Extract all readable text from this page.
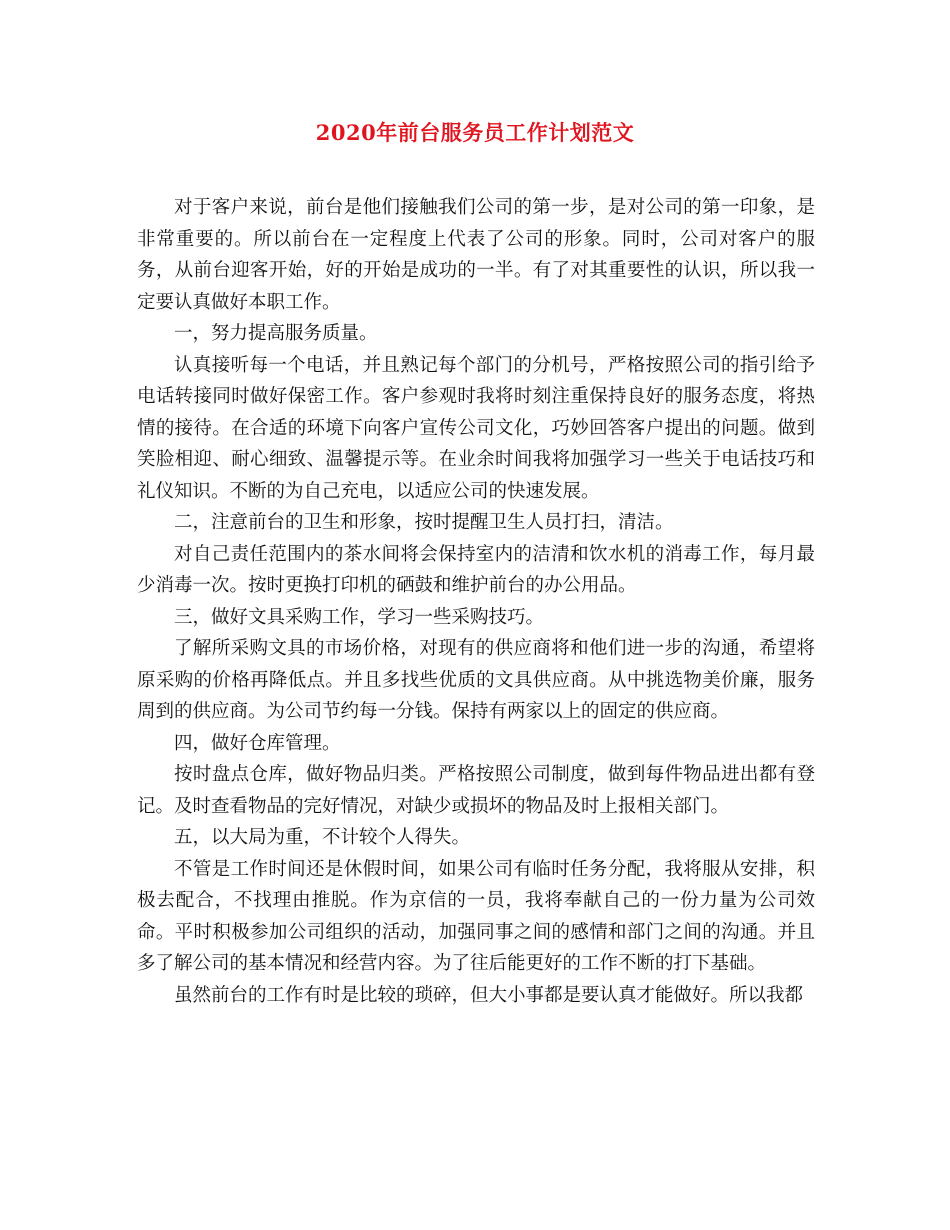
2020年前台服务员工作计划范文

对于客户来说，前台是他们接触我们公司的第一步，是对公司的第一印象，是非常重要的。所以前台在一定程度上代表了公司的形象。同时，公司对客户的服务，从前台迎客开始，好的开始是成功的一半。有了对其重要性的认识，所以我一定要认真做好本职工作。

一，努力提高服务质量。

认真接听每一个电话，并且熟记每个部门的分机号，严格按照公司的指引给予电话转接同时做好保密工作。客户参观时我将时刻注重保持良好的服务态度，将热情的接待。在合适的环境下向客户宣传公司文化，巧妙回答客户提出的问题。做到笑脸相迎、耐心细致、温馨提示等。在业余时间我将加强学习一些关于电话技巧和礼仪知识。不断的为自己充电，以适应公司的快速发展。

二，注意前台的卫生和形象，按时提醒卫生人员打扫，清洁。

对自己责任范围内的茶水间将会保持室内的洁清和饮水机的消毒工作，每月最少消毒一次。按时更换打印机的硒鼓和维护前台的办公用品。

三，做好文具采购工作，学习一些采购技巧。

了解所采购文具的市场价格，对现有的供应商将和他们进一步的沟通，希望将原采购的价格再降低点。并且多找些优质的文具供应商。从中挑选物美价廉，服务周到的供应商。为公司节约每一分钱。保持有两家以上的固定的供应商。

四，做好仓库管理。

按时盘点仓库，做好物品归类。严格按照公司制度，做到每件物品进出都有登记。及时查看物品的完好情况，对缺少或损坏的物品及时上报相关部门。

五，以大局为重，不计较个人得失。

不管是工作时间还是休假时间，如果公司有临时任务分配，我将服从安排，积极去配合，不找理由推脱。作为京信的一员，我将奉献自己的一份力量为公司效命。平时积极参加公司组织的活动，加强同事之间的感情和部门之间的沟通。并且多了解公司的基本情况和经营内容。为了往后能更好的工作不断的打下基础。

虽然前台的工作有时是比较的琐碎，但大小事都是要认真才能做好。所以我都
